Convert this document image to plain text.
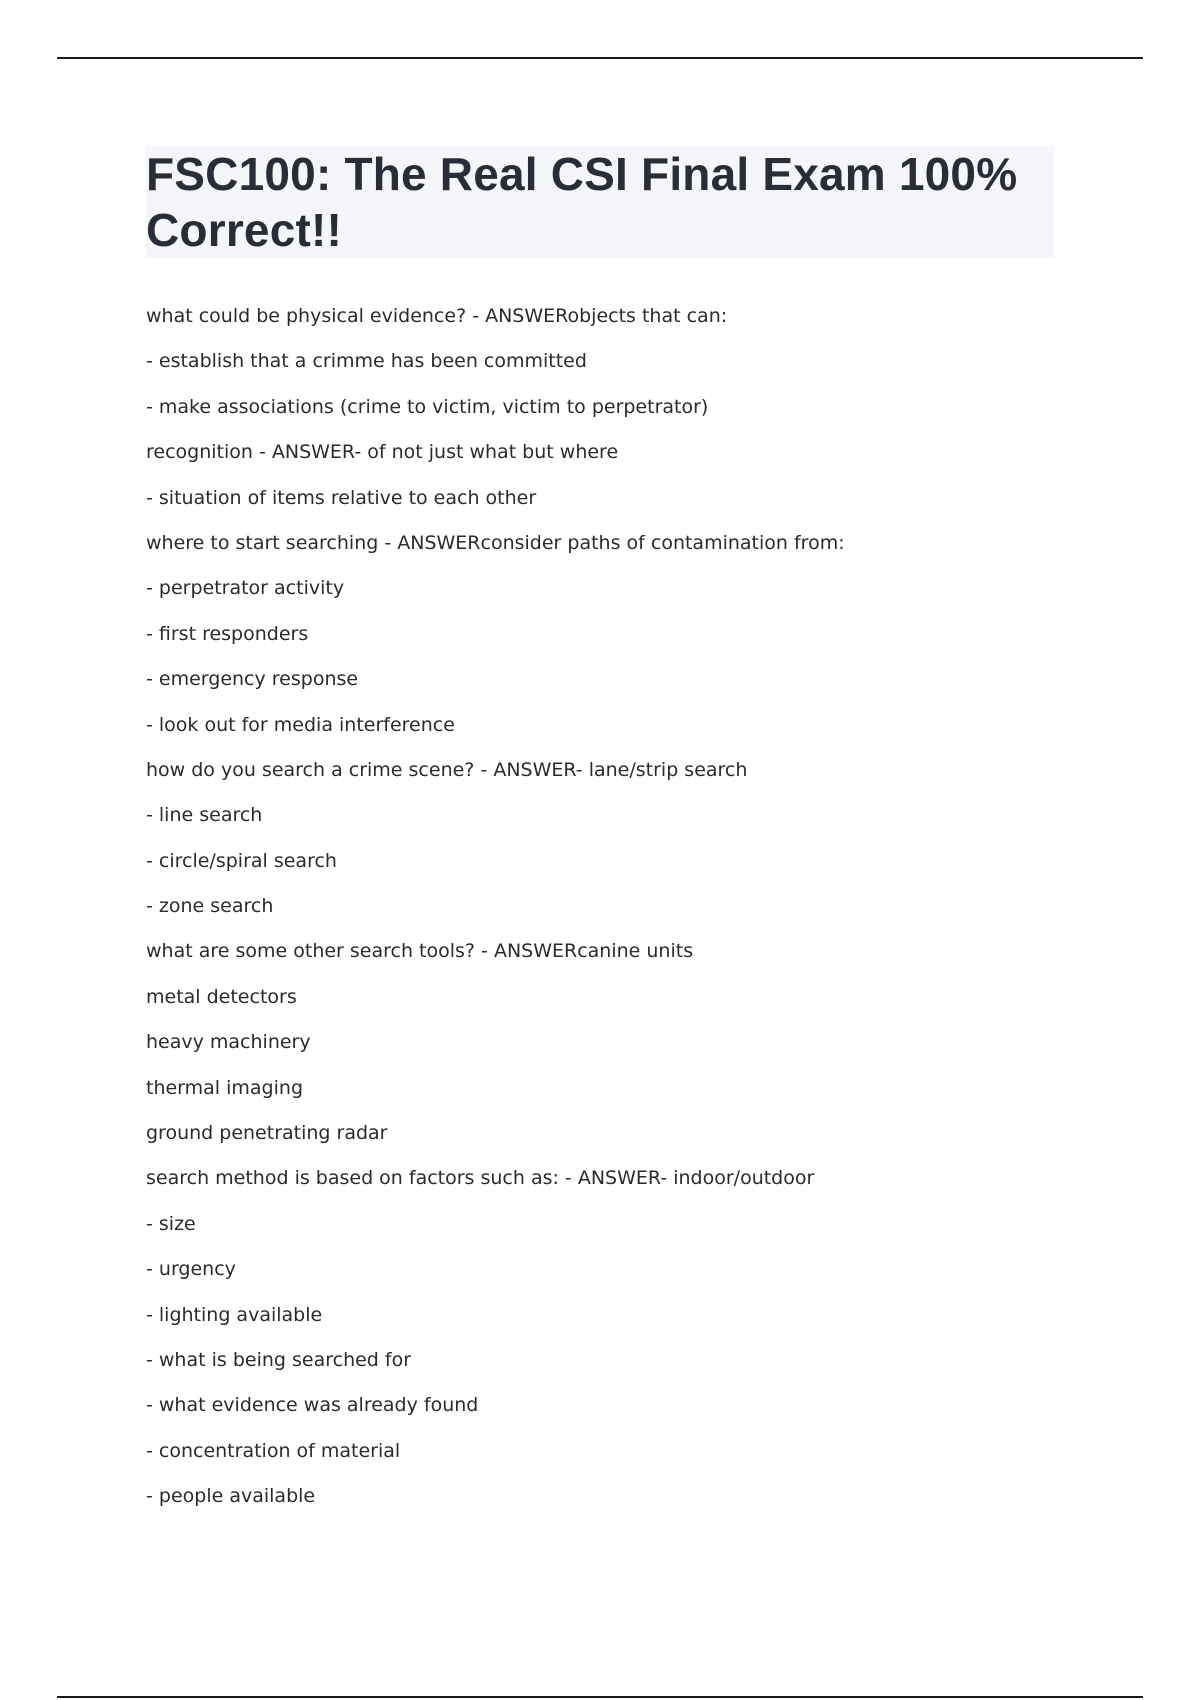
FSC100: The Real CSI Final Exam 100% Correct!!
what could be physical evidence? - ANSWERobjects that can:
- establish that a crimme has been committed
- make associations (crime to victim, victim to perpetrator)
recognition - ANSWER- of not just what but where
- situation of items relative to each other
where to start searching - ANSWERconsider paths of contamination from:
- perpetrator activity
- first responders
- emergency response
- look out for media interference
how do you search a crime scene? - ANSWER- lane/strip search
- line search
- circle/spiral search
- zone search
what are some other search tools? - ANSWERcanine units
metal detectors
heavy machinery
thermal imaging
ground penetrating radar
search method is based on factors such as: - ANSWER- indoor/outdoor
- size
- urgency
- lighting available
- what is being searched for
- what evidence was already found
- concentration of material
- people available
